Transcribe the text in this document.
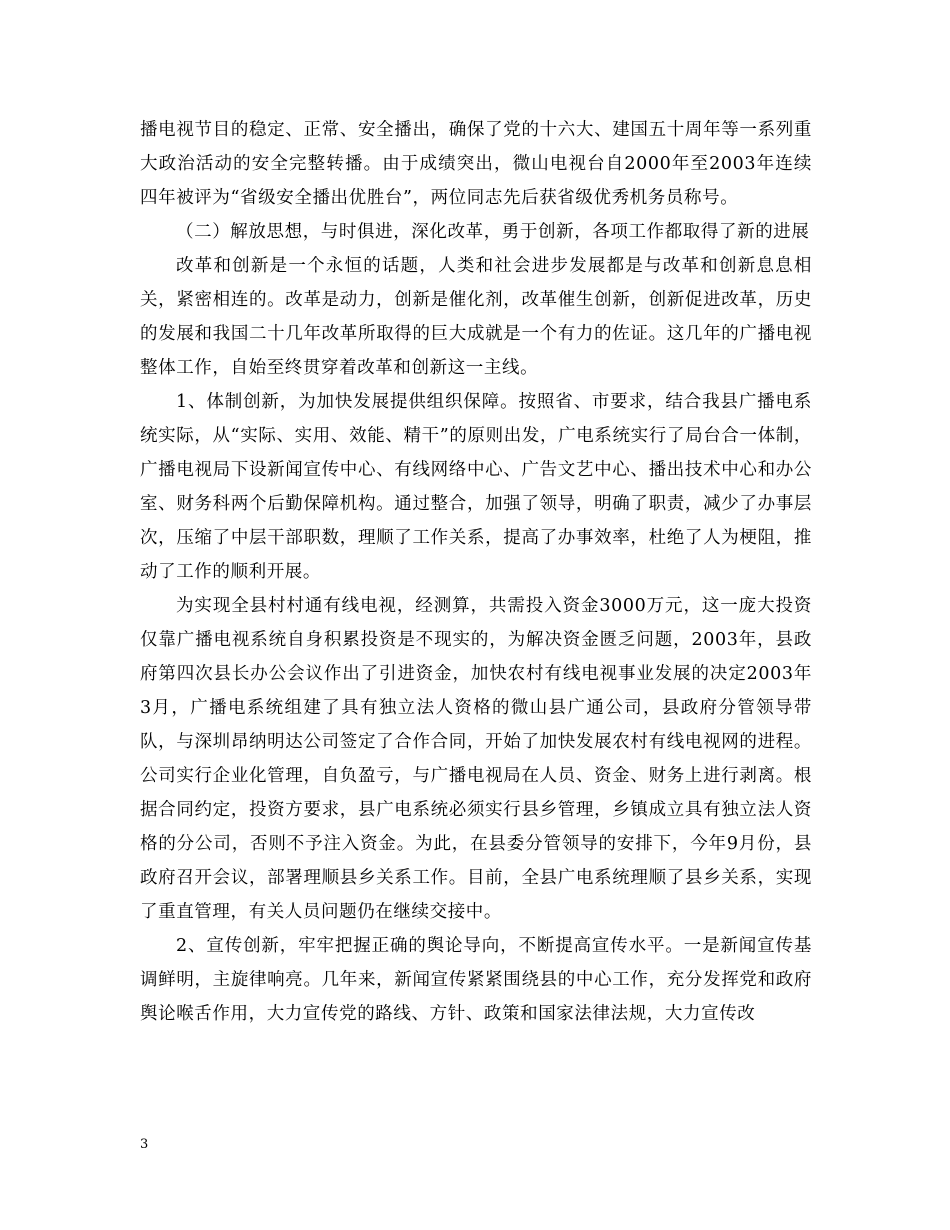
播电视节目的稳定、正常、安全播出，确保了党的十六大、建国五十周年等一系列重大政治活动的安全完整转播。由于成绩突出，微山电视台自2000年至2003年连续四年被评为“省级安全播出优胜台”，两位同志先后获省级优秀机务员称号。

（二）解放思想，与时俱进，深化改革，勇于创新，各项工作都取得了新的进展

改革和创新是一个永恒的话题，人类和社会进步发展都是与改革和创新息息相关，紧密相连的。改革是动力，创新是催化剂，改革催生创新，创新促进改革，历史的发展和我国二十几年改革所取得的巨大成就是一个有力的佐证。这几年的广播电视整体工作，自始至终贯穿着改革和创新这一主线。

1、体制创新，为加快发展提供组织保障。按照省、市要求，结合我县广播电系统实际，从“实际、实用、效能、精干”的原则出发，广电系统实行了局台合一体制，广播电视局下设新闻宣传中心、有线网络中心、广告文艺中心、播出技术中心和办公室、财务科两个后勤保障机构。通过整合，加强了领导，明确了职责，减少了办事层次，压缩了中层干部职数，理顺了工作关系，提高了办事效率，杜绝了人为梗阻，推动了工作的顺利开展。

为实现全县村村通有线电视，经测算，共需投入资金3000万元，这一庞大投资仅靠广播电视系统自身积累投资是不现实的，为解决资金匮乏问题，2003年，县政府第四次县长办公会议作出了引进资金，加快农村有线电视事业发展的决定2003年3月，广播电系统组建了具有独立法人资格的微山县广通公司，县政府分管领导带队，与深圳昂纳明达公司签定了合作合同，开始了加快发展农村有线电视网的进程。公司实行企业化管理，自负盈亏，与广播电视局在人员、资金、财务上进行剥离。根据合同约定，投资方要求，县广电系统必须实行县乡管理，乡镇成立具有独立法人资格的分公司，否则不予注入资金。为此，在县委分管领导的安排下，今年9月份，县政府召开会议，部署理顺县乡关系工作。目前，全县广电系统理顺了县乡关系，实现了重直管理，有关人员问题仍在继续交接中。

2、宣传创新，牢牢把握正确的舆论导向，不断提高宣传水平。一是新闻宣传基调鲜明，主旋律响亮。几年来，新闻宣传紧紧围绕县的中心工作，充分发挥党和政府舆论喉舌作用，大力宣传党的路线、方针、政策和国家法律法规，大力宣传改

3
